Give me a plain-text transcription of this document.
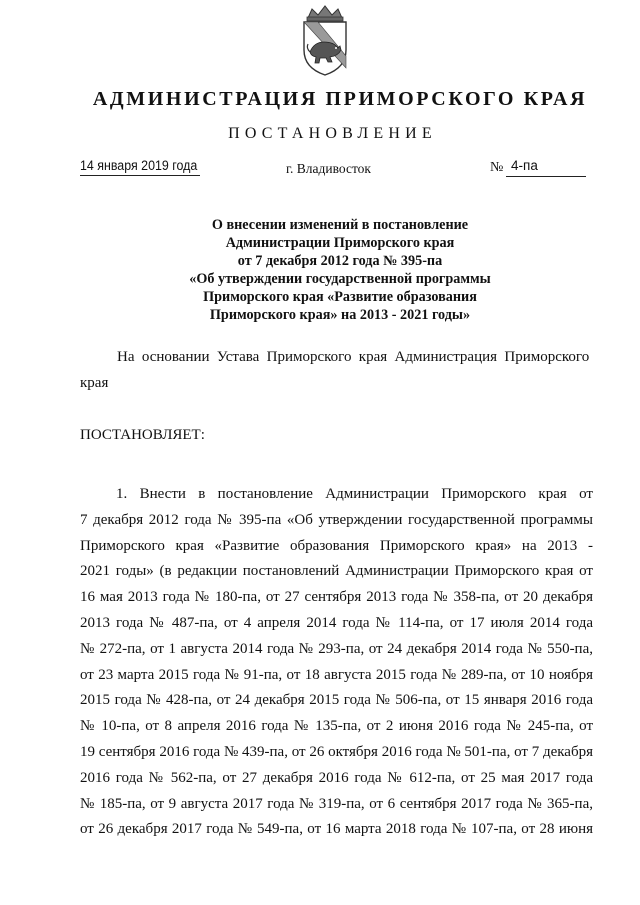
АДМИНИСТРАЦИЯ ПРИМОРСКОГО КРАЯ
ПОСТАНОВЛЕНИЕ
14 января 2019 года	г. Владивосток	№ 4-па
О внесении изменений в постановление
Администрации Приморского края
от 7 декабря 2012 года № 395-па
«Об утверждении государственной программы
Приморского края «Развитие образования
Приморского края» на 2013 - 2021 годы»
На основании Устава Приморского края Администрация Приморского
края
ПОСТАНОВЛЯЕТ:
1. Внести в постановление Администрации Приморского края от
7 декабря 2012 года № 395-па «Об утверждении государственной программы
Приморского края «Развитие образования Приморского края» на 2013 -
2021 годы» (в редакции постановлений Администрации Приморского края от
16 мая 2013 года № 180-па, от 27 сентября 2013 года № 358-па, от 20 декабря
2013 года № 487-па, от 4 апреля 2014 года № 114-па, от 17 июля 2014 года
№ 272-па, от 1 августа 2014 года № 293-па, от 24 декабря 2014 года № 550-па,
от 23 марта 2015 года № 91-па, от 18 августа 2015 года № 289-па, от 10 ноября
2015 года № 428-па, от 24 декабря 2015 года № 506-па, от 15 января 2016 года
№ 10-па, от 8 апреля 2016 года № 135-па, от 2 июня 2016 года № 245-па, от
19 сентября 2016 года № 439-па, от 26 октября 2016 года № 501-па, от 7 декабря
2016 года № 562-па, от 27 декабря 2016 года № 612-па, от 25 мая 2017 года
№ 185-па, от 9 августа 2017 года № 319-па, от 6 сентября 2017 года № 365-па,
от 26 декабря 2017 года № 549-па, от 16 марта 2018 года № 107-па, от 28 июня
